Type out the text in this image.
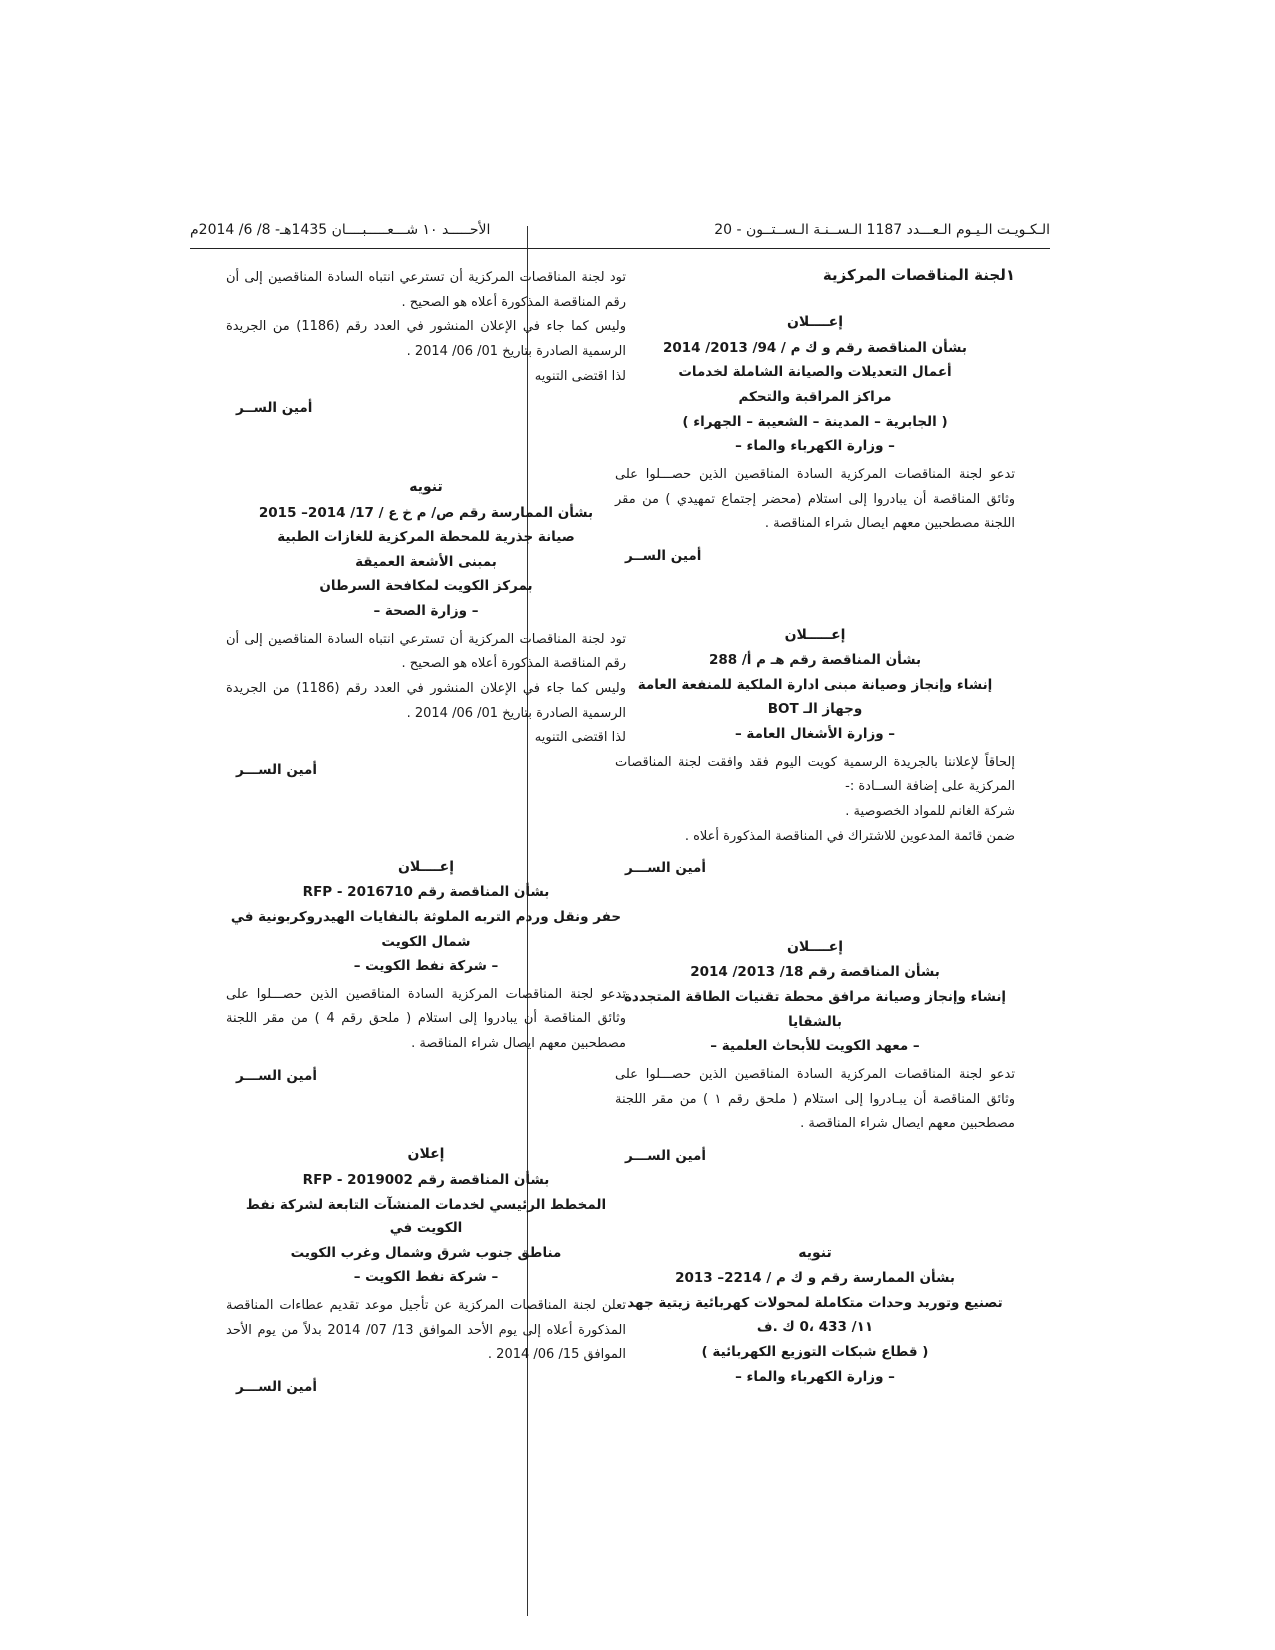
الأحـــــد ١٠ شـــعـــــبــــان 1435هـ- 8/ 6/ 2014م	الـكـويـت الـيـوم الـعـــدد 1187 الـســنـة الـســتــون - 20
١لجنة المناقصات المركزية
إعــــلان
بشأن المناقصة رقم و ك م / 94/ 2013/ 2014
أعمال التعديلات والصيانة الشاملة لخدمات
مراكز المراقبة والتحكم
( الجابرية – المدينة – الشعيبة – الجهراء )
– وزارة الكهرباء والماء –

تدعو لجنة المناقصات المركزية السادة المناقصين الذين حصـــلوا على وثائق المناقصة أن يبادروا إلى استلام (محضر إجتماع تمهيدي ) من مقر اللجنة مصطحبين معهم ايصال شراء المناقصة .

أمين الســر
إعـــــلان
بشأن المناقصة رقم هـ م أ/ 288
إنشاء وإنجاز وصيانة مبنى ادارة الملكية للمنفعة العامة
وجهاز الـ BOT
– وزارة الأشغال العامة –

إلحاقاً لإعلاننا بالجريدة الرسمية كويت اليوم فقد وافقت لجنة المناقصات المركزية على إضافة الســادة :-

شركة الغانم للمواد الخصوصية .

ضمن قائمة المدعوين للاشتراك في المناقصة المذكورة أعلاه .

أمين الســـر
إعــــلان
بشأن المناقصة رقم 18/ 2013/ 2014
إنشاء وإنجاز وصيانة مرافق محطة تقنيات الطاقة المتجددة
بالشقايا
– معهد الكويت للأبحاث العلمية –

تدعو لجنة المناقصات المركزية السادة المناقصين الذين حصـــلوا على وثائق المناقصة أن يبـادروا إلى استلام ( ملحق رقم ١ ) من مقر اللجنة مصطحبين معهم ايصال شراء المناقصة .

أمين الســـر
تنويه
بشأن الممارسة رقم و ك م / 2214– 2013
تصنيع وتوريد وحدات متكاملة لمحولات كهربائية زيتية جهد
١١/ 433 ،0 ك .ف
( قطاع شبكات التوزيع الكهربائية )
– وزارة الكهرباء والماء –

تود لجنة المناقصات المركزية أن تسترعي انتباه السادة المناقصين إلى أن رقم المناقصة المذكورة أعلاه هو الصحيح .

وليس كما جاء في الإعلان المنشور في العدد رقم (1186) من الجريدة الرسمية الصادرة بتاريخ 01/ 06/ 2014 .

لذا اقتضى التنويه

أمين الســر
تنويه
بشأن الممارسة رقم ص/ م خ ع / 17/ 2014– 2015
صيانة جذرية للمحطة المركزية للغازات الطبية
بمبنى الأشعة العميقة
بمركز الكويت لمكافحة السرطان
– وزارة الصحة –

تود لجنة المناقصات المركزية أن تسترعي انتباه السادة المناقصين إلى أن رقم المناقصة المذكورة أعلاه هو الصحيح .

وليس كما جاء في الإعلان المنشور في العدد رقم (1186) من الجريدة الرسمية الصادرة بتاريخ 01/ 06/ 2014 .

لذا اقتضى التنويه

أمين الســـر
إعــــلان
بشأن المناقصة رقم RFP - 2016710
حفر ونقل وردم التربه الملوثة بالنفايات الهيدروكربونية في
شمال الكويت
– شركة نفط الكويت –

تدعو لجنة المناقصات المركزية السادة المناقصين الذين حصـــلوا على وثائق المناقصة أن يبادروا إلى استلام ( ملحق رقم 4 ) من مقر اللجنة مصطحبين معهم ايصال شراء المناقصة .

أمين الســـر
إعلان
بشأن المناقصة رقم RFP - 2019002
المخطط الرئيسي لخدمات المنشآت التابعة لشركة نفط الكويت في
مناطق جنوب شرق وشمال وغرب الكويت
– شركة نفط الكويت –

تعلن لجنة المناقصات المركزية عن تأجيل موعد تقديم عطاءات المناقصة المذكورة أعلاه إلى يوم الأحد الموافق 13/ 07/ 2014 بدلاً من يوم الأحد الموافق 15/ 06/ 2014 .

أمين الســـر
